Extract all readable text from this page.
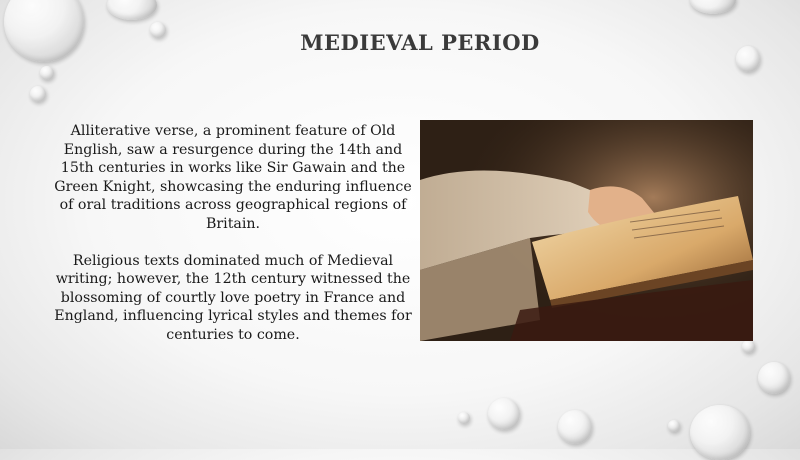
MEDIEVAL PERIOD

Alliterative verse, a prominent feature of Old English, saw a resurgence during the 14th and 15th centuries in works like Sir Gawain and the Green Knight, showcasing the enduring influence of oral traditions across geographical regions of Britain.

Religious texts dominated much of Medieval writing; however, the 12th century witnessed the blossoming of courtly love poetry in France and England, influencing lyrical styles and themes for centuries to come.
